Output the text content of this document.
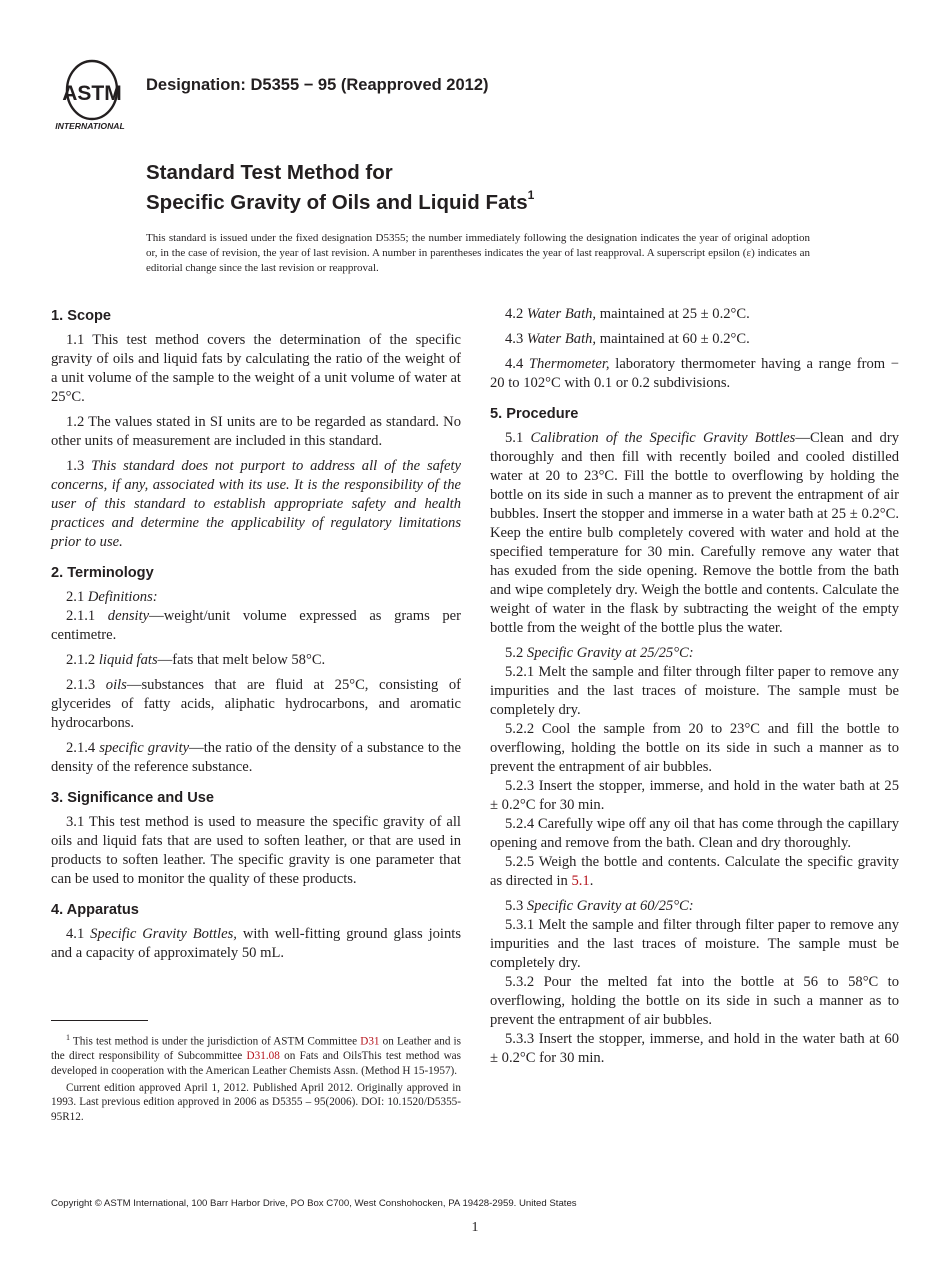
ASTM
INTERNATIONAL
Designation: D5355 − 95 (Reapproved 2012)
Standard Test Method for
Specific Gravity of Oils and Liquid Fats$^1$
This standard is issued under the fixed designation D5355; the number immediately following the designation indicates the year of original adoption or, in the case of revision, the year of last revision. A number in parentheses indicates the year of last reapproval. A superscript epsilon (ε) indicates an editorial change since the last revision or reapproval.
1. Scope

1.1 This test method covers the determination of the specific gravity of oils and liquid fats by calculating the ratio of the weight of a unit volume of the sample to the weight of a unit volume of water at 25°C.

1.2 The values stated in SI units are to be regarded as standard. No other units of measurement are included in this standard.

1.3 This standard does not purport to address all of the safety concerns, if any, associated with its use. It is the responsibility of the user of this standard to establish appropriate safety and health practices and determine the applicability of regulatory limitations prior to use.

2. Terminology

2.1 Definitions:

2.1.1 density—weight/unit volume expressed as grams per centimetre.

2.1.2 liquid fats—fats that melt below 58°C.

2.1.3 oils—substances that are fluid at 25°C, consisting of glycerides of fatty acids, aliphatic hydrocarbons, and aromatic hydrocarbons.

2.1.4 specific gravity—the ratio of the density of a substance to the density of the reference substance.

3. Significance and Use

3.1 This test method is used to measure the specific gravity of all oils and liquid fats that are used to soften leather, or that are used in products to soften leather. The specific gravity is one parameter that can be used to monitor the quality of these products.

4. Apparatus

4.1 Specific Gravity Bottles, with well-fitting ground glass joints and a capacity of approximately 50 mL.

4.2 Water Bath, maintained at 25 ± 0.2°C.

4.3 Water Bath, maintained at 60 ± 0.2°C.

4.4 Thermometer, laboratory thermometer having a range from − 20 to 102°C with 0.1 or 0.2 subdivisions.

5. Procedure

5.1 Calibration of the Specific Gravity Bottles—Clean and dry thoroughly and then fill with recently boiled and cooled distilled water at 20 to 23°C. Fill the bottle to overflowing by holding the bottle on its side in such a manner as to prevent the entrapment of air bubbles. Insert the stopper and immerse in a water bath at 25 ± 0.2°C. Keep the entire bulb completely covered with water and hold at the specified temperature for 30 min. Carefully remove any water that has exuded from the side opening. Remove the bottle from the bath and wipe completely dry. Weigh the bottle and contents. Calculate the weight of water in the flask by subtracting the weight of the empty bottle from the weight of the bottle plus the water.

5.2 Specific Gravity at 25/25°C:

5.2.1 Melt the sample and filter through filter paper to remove any impurities and the last traces of moisture. The sample must be completely dry.

5.2.2 Cool the sample from 20 to 23°C and fill the bottle to overflowing, holding the bottle on its side in such a manner as to prevent the entrapment of air bubbles.

5.2.3 Insert the stopper, immerse, and hold in the water bath at 25 ± 0.2°C for 30 min.

5.2.4 Carefully wipe off any oil that has come through the capillary opening and remove from the bath. Clean and dry thoroughly.

5.2.5 Weigh the bottle and contents. Calculate the specific gravity as directed in 5.1.

5.3 Specific Gravity at 60/25°C:

5.3.1 Melt the sample and filter through filter paper to remove any impurities and the last traces of moisture. The sample must be completely dry.

5.3.2 Pour the melted fat into the bottle at 56 to 58°C to overflowing, holding the bottle on its side in such a manner as to prevent the entrapment of air bubbles.

5.3.3 Insert the stopper, immerse, and hold in the water bath at 60 ± 0.2°C for 30 min.

$^1$ This test method is under the jurisdiction of ASTM Committee D31 on Leather and is the direct responsibility of Subcommittee D31.08 on Fats and OilsThis test method was developed in cooperation with the American Leather Chemists Assn. (Method H 15-1957).

Current edition approved April 1, 2012. Published April 2012. Originally approved in 1993. Last previous edition approved in 2006 as D5355 – 95(2006). DOI: 10.1520/D5355-95R12.

Copyright © ASTM International, 100 Barr Harbor Drive, PO Box C700, West Conshohocken, PA 19428-2959. United States
1
